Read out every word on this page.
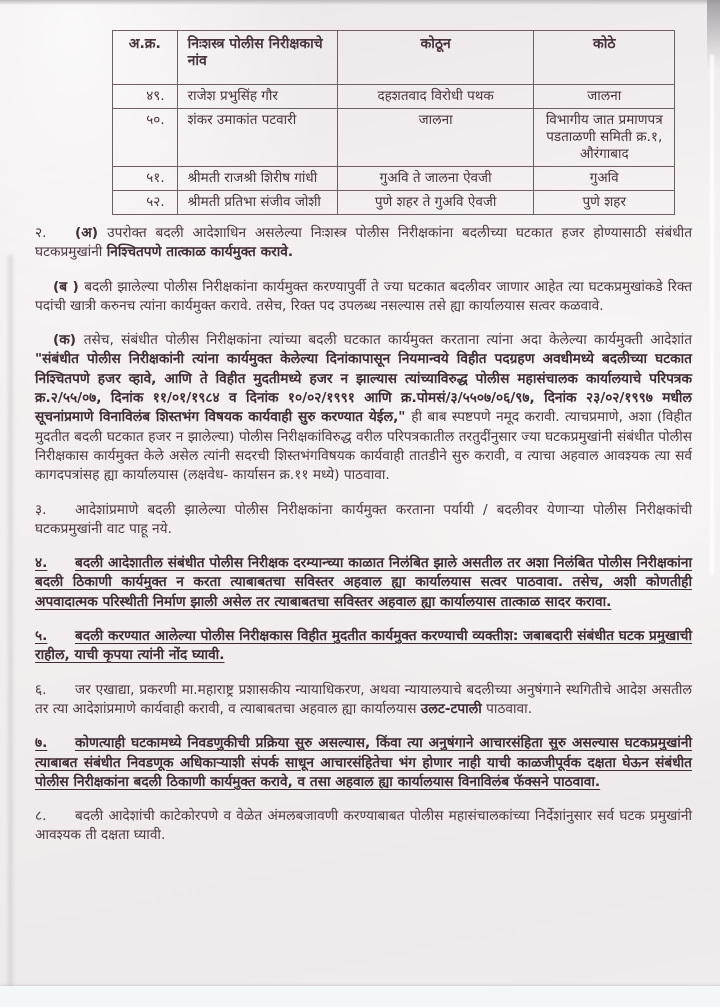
अ.क्र.	निःशस्त्र पोलीस निरीक्षकाचे नांव	कोठून	कोठे
४९.	राजेश प्रभुसिंह गौर	दहशतवाद विरोधी पथक	जालना
५०.	शंकर उमाकांत पटवारी	जालना	विभागीय जात प्रमाणपत्र पडताळणी समिती क्र.१, औरंगाबाद
५१.	श्रीमती राजश्री शिरीष गांधी	गुअवि ते जालना ऐवजी	गुअवि
५२.	श्रीमती प्रतिभा संजीव जोशी	पुणे शहर ते गुअवि ऐवजी	पुणे शहर

२. (अ) उपरोक्त बदली आदेशाधिन असलेल्या निःशस्त्र पोलीस निरीक्षकांना बदलीच्या घटकात हजर होण्यासाठी संबंधीत घटकप्रमुखांनी निश्चितपणे तात्काळ कार्यमुक्त करावे.

(ब ) बदली झालेल्या पोलीस निरीक्षकांना कार्यमुक्त करण्यापुर्वी ते ज्या घटकात बदलीवर जाणार आहेत त्या घटकप्रमुखांकडे रिक्त पदांची खात्री करुनच त्यांना कार्यमुक्त करावे. तसेच, रिक्त पद उपलब्ध नसल्यास तसे ह्या कार्यालयास सत्वर कळवावे.

(क) तसेच, संबंधीत पोलीस निरीक्षकांना त्यांच्या बदली घटकात कार्यमुक्त करताना त्यांना अदा केलेल्या कार्यमुक्ती आदेशांत "संबंधीत पोलीस निरीक्षकांनी त्यांना कार्यमुक्त केलेल्या दिनांकापासून नियमान्वये विहीत पदग्रहण अवधीमध्ये बदलीच्या घटकात निश्चितपणे हजर व्हावे, आणि ते विहीत मुदतीमध्ये हजर न झाल्यास त्यांच्याविरुद्ध पोलीस महासंचालक कार्यालयाचे परिपत्रक क्र.२/५५/०७, दिनांक ११/०१/१९८४ व दिनांक १०/०२/१९९१ आणि क्र.पोमसं/३/५५०७/०६/९७, दिनांक २३/०२/१९९७ मधील सूचनांप्रमाणे विनाविलंब शिस्तभंग विषयक कार्यवाही सुरु करण्यात येईल," ही बाब स्पष्टपणे नमूद करावी. त्याचप्रमाणे, अशा (विहीत मुदतीत बदली घटकात हजर न झालेल्या) पोलीस निरीक्षकांविरुद्ध वरील परिपत्रकातील तरतुदींनुसार ज्या घटकप्रमुखांनी संबंधीत पोलीस निरीक्षकास कार्यमुक्त केले असेल त्यांनी सदरची शिस्तभंगविषयक कार्यवाही तातडीने सुरु करावी, व त्याचा अहवाल आवश्यक त्या सर्व कागदपत्रांसह ह्या कार्यालयास (लक्षवेध- कार्यासन क्र.११ मध्ये) पाठवावा.

३. आदेशांप्रमाणे बदली झालेल्या पोलीस निरीक्षकांना कार्यमुक्त करताना पर्यायी / बदलीवर येणाऱ्या पोलीस निरीक्षकांची घटकप्रमुखांनी वाट पाहू नये.

४. बदली आदेशातील संबंधीत पोलीस निरीक्षक दरम्यान्च्या काळात निलंबित झाले असतील तर अशा निलंबित पोलीस निरीक्षकांना बदली ठिकाणी कार्यमुक्त न करता त्याबाबतचा सविस्तर अहवाल ह्या कार्यालयास सत्वर पाठवावा. तसेच, अशी कोणतीही अपवादात्मक परिस्थीती निर्माण झाली असेल तर त्याबाबतचा सविस्तर अहवाल ह्या कार्यालयास तात्काळ सादर करावा.

५. बदली करण्यात आलेल्या पोलीस निरीक्षकास विहीत मुदतीत कार्यमुक्त करण्याची व्यक्तीश: जबाबदारी संबंधीत घटक प्रमुखाची राहील, याची कृपया त्यांनी नोंद घ्यावी.

६. जर एखाद्या, प्रकरणी मा.महाराष्ट्र प्रशासकीय न्यायाधिकरण, अथवा न्यायालयाचे बदलीच्या अनुषंगाने स्थगितीचे आदेश असतील तर त्या आदेशांप्रमाणे कार्यवाही करावी, व त्याबाबतचा अहवाल ह्या कार्यालयास उलट-टपाली पाठवावा.

७. कोणत्याही घटकामध्ये निवडणुकीची प्रक्रिया सुरु असल्यास, किंवा त्या अनुषंगाने आचारसंहिता सुरु असल्यास घटकप्रमुखांनी त्याबाबत संबंधीत निवडणूक अधिकाऱ्याशी संपर्क साधून आचारसंहितेचा भंग होणार नाही याची काळजीपूर्वक दक्षता घेऊन संबंधीत पोलीस निरीक्षकांना बदली ठिकाणी कार्यमुक्त करावे, व तसा अहवाल ह्या कार्यालयास विनाविलंब फॅक्सने पाठवावा.

८. बदली आदेशांची काटेकोरपणे व वेळेत अंमलबजावणी करण्याबाबत पोलीस महासंचालकांच्या निर्देशांनुसार सर्व घटक प्रमुखांनी आवश्यक ती दक्षता घ्यावी.
